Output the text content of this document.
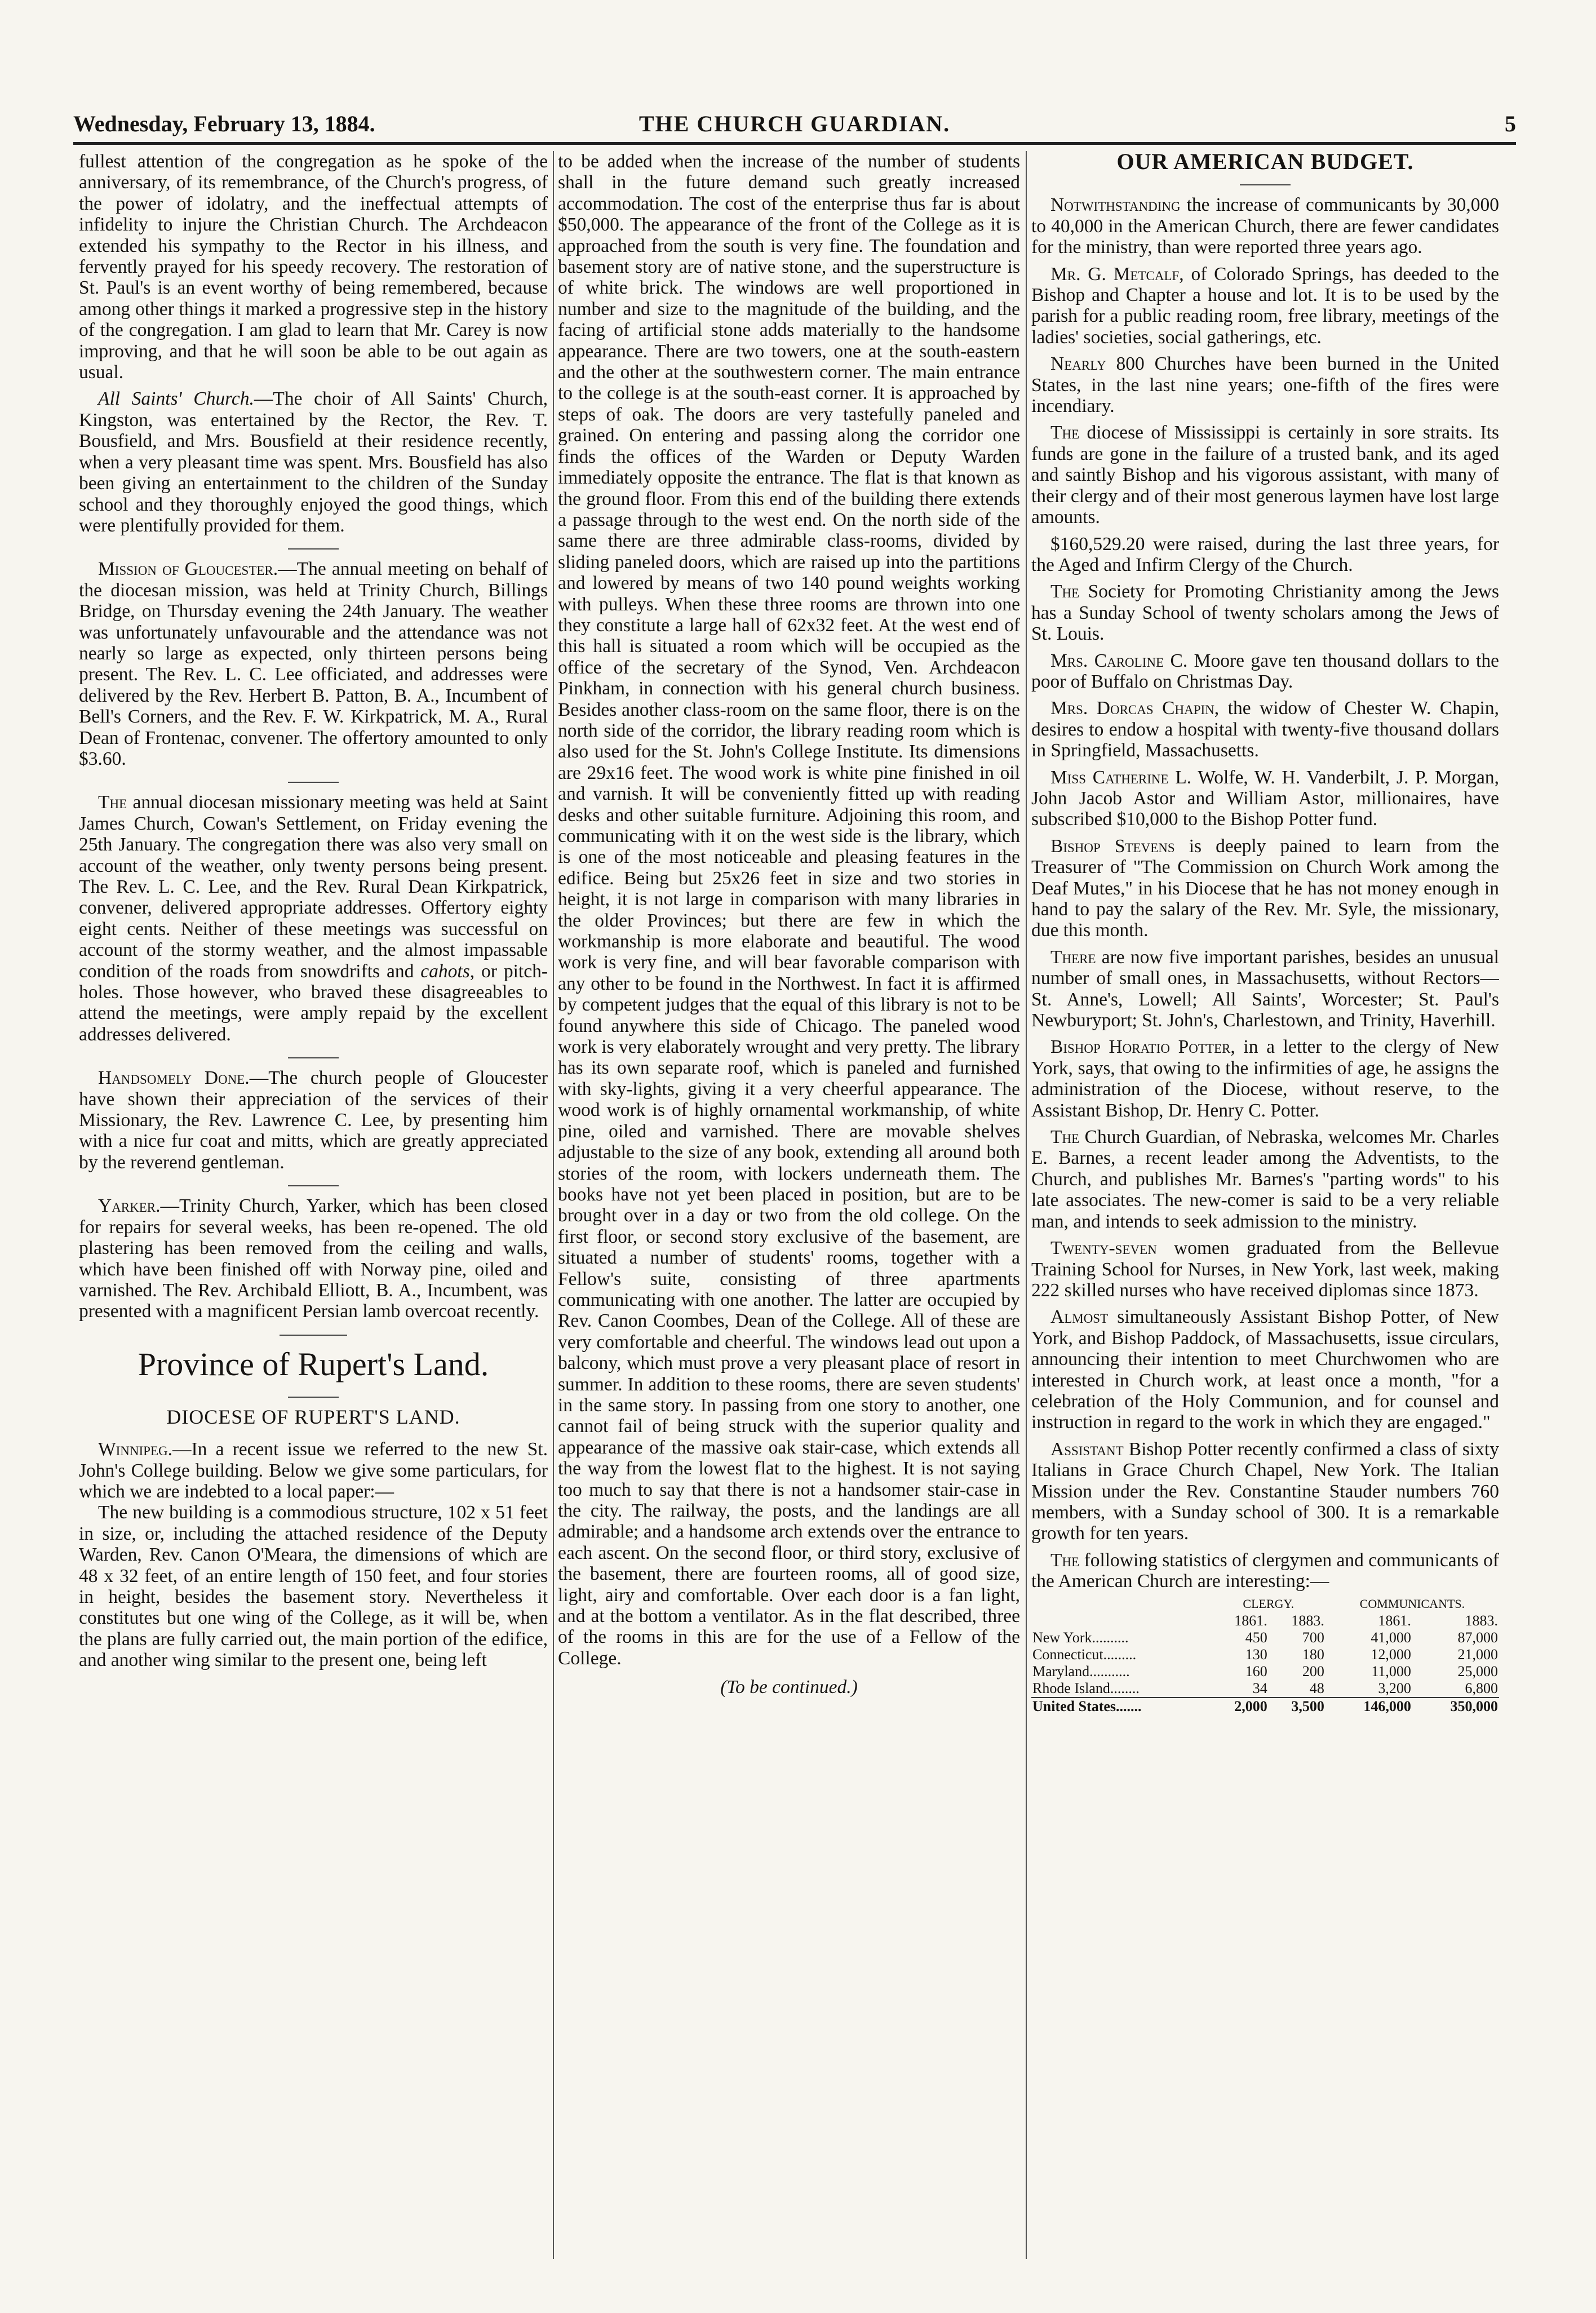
Wednesday, February 13, 1884.	THE CHURCH GUARDIAN.	5

fullest attention of the congregation as he spoke of the anniversary, of its remembrance, of the Church's progress, of the power of idolatry, and the ineffectual attempts of infidelity to injure the Christian Church. The Archdeacon extended his sympathy to the Rector in his illness, and fervently prayed for his speedy recovery. The restoration of St. Paul's is an event worthy of being remembered, because among other things it marked a progressive step in the history of the congregation. I am glad to learn that Mr. Carey is now improving, and that he will soon be able to be out again as usual.

All Saints' Church.—The choir of All Saints' Church, Kingston, was entertained by the Rector, the Rev. T. Bousfield, and Mrs. Bousfield at their residence recently, when a very pleasant time was spent. Mrs. Bousfield has also been giving an entertainment to the children of the Sunday school and they thoroughly enjoyed the good things, which were plentifully provided for them.

Mission of Gloucester.—The annual meeting on behalf of the diocesan mission, was held at Trinity Church, Billings Bridge, on Thursday evening the 24th January. The weather was unfortunately unfavourable and the attendance was not nearly so large as expected, only thirteen persons being present. The Rev. L. C. Lee officiated, and addresses were delivered by the Rev. Herbert B. Patton, B. A., Incumbent of Bell's Corners, and the Rev. F. W. Kirkpatrick, M. A., Rural Dean of Frontenac, convener. The offertory amounted to only $3.60.

The annual diocesan missionary meeting was held at Saint James Church, Cowan's Settlement, on Friday evening the 25th January. The congregation there was also very small on account of the weather, only twenty persons being present. The Rev. L. C. Lee, and the Rev. Rural Dean Kirkpatrick, convener, delivered appropriate addresses. Offertory eighty eight cents. Neither of these meetings was successful on account of the stormy weather, and the almost impassable condition of the roads from snowdrifts and cahots, or pitch-holes. Those however, who braved these disagreeables to attend the meetings, were amply repaid by the excellent addresses delivered.

Handsomely Done.—The church people of Gloucester have shown their appreciation of the services of their Missionary, the Rev. Lawrence C. Lee, by presenting him with a nice fur coat and mitts, which are greatly appreciated by the reverend gentleman.

Yarker.—Trinity Church, Yarker, which has been closed for repairs for several weeks, has been re-opened. The old plastering has been removed from the ceiling and walls, which have been finished off with Norway pine, oiled and varnished. The Rev. Archibald Elliott, B. A., Incumbent, was presented with a magnificent Persian lamb overcoat recently.

Province of Rupert's Land.

DIOCESE OF RUPERT'S LAND.

Winnipeg.—In a recent issue we referred to the new St. John's College building. Below we give some particulars, for which we are indebted to a local paper:—

The new building is a commodious structure, 102 x 51 feet in size, or, including the attached residence of the Deputy Warden, Rev. Canon O'Meara, the dimensions of which are 48 x 32 feet, of an entire length of 150 feet, and four stories in height, besides the basement story. Nevertheless it constitutes but one wing of the College, as it will be, when the plans are fully carried out, the main portion of the edifice, and another wing similar to the present one, being left

to be added when the increase of the number of students shall in the future demand such greatly increased accommodation. The cost of the enterprise thus far is about $50,000. The appearance of the front of the College as it is approached from the south is very fine. The foundation and basement story are of native stone, and the superstructure is of white brick. The windows are well proportioned in number and size to the magnitude of the building, and the facing of artificial stone adds materially to the handsome appearance. There are two towers, one at the south-eastern and the other at the southwestern corner. The main entrance to the college is at the south-east corner. It is approached by steps of oak. The doors are very tastefully paneled and grained. On entering and passing along the corridor one finds the offices of the Warden or Deputy Warden immediately opposite the entrance. The flat is that known as the ground floor. From this end of the building there extends a passage through to the west end. On the north side of the same there are three admirable class-rooms, divided by sliding paneled doors, which are raised up into the partitions and lowered by means of two 140 pound weights working with pulleys. When these three rooms are thrown into one they constitute a large hall of 62x32 feet. At the west end of this hall is situated a room which will be occupied as the office of the secretary of the Synod, Ven. Archdeacon Pinkham, in connection with his general church business. Besides another class-room on the same floor, there is on the north side of the corridor, the library reading room which is also used for the St. John's College Institute. Its dimensions are 29x16 feet. The wood work is white pine finished in oil and varnish. It will be conveniently fitted up with reading desks and other suitable furniture. Adjoining this room, and communicating with it on the west side is the library, which is one of the most noticeable and pleasing features in the edifice. Being but 25x26 feet in size and two stories in height, it is not large in comparison with many libraries in the older Provinces; but there are few in which the workmanship is more elaborate and beautiful. The wood work is very fine, and will bear favorable comparison with any other to be found in the Northwest. In fact it is affirmed by competent judges that the equal of this library is not to be found anywhere this side of Chicago. The paneled wood work is very elaborately wrought and very pretty. The library has its own separate roof, which is paneled and furnished with sky-lights, giving it a very cheerful appearance. The wood work is of highly ornamental workmanship, of white pine, oiled and varnished. There are movable shelves adjustable to the size of any book, extending all around both stories of the room, with lockers underneath them. The books have not yet been placed in position, but are to be brought over in a day or two from the old college. On the first floor, or second story exclusive of the basement, are situated a number of students' rooms, together with a Fellow's suite, consisting of three apartments communicating with one another. The latter are occupied by Rev. Canon Coombes, Dean of the College. All of these are very comfortable and cheerful. The windows lead out upon a balcony, which must prove a very pleasant place of resort in summer. In addition to these rooms, there are seven students' in the same story. In passing from one story to another, one cannot fail of being struck with the superior quality and appearance of the massive oak stair-case, which extends all the way from the lowest flat to the highest. It is not saying too much to say that there is not a handsomer stair-case in the city. The railway, the posts, and the landings are all admirable; and a handsome arch extends over the entrance to each ascent. On the second floor, or third story, exclusive of the basement, there are fourteen rooms, all of good size, light, airy and comfortable. Over each door is a fan light, and at the bottom a ventilator. As in the flat described, three of the rooms in this are for the use of a Fellow of the College.

(To be continued.)

OUR AMERICAN BUDGET.

Notwithstanding the increase of communicants by 30,000 to 40,000 in the American Church, there are fewer candidates for the ministry, than were reported three years ago.

Mr. G. Metcalf, of Colorado Springs, has deeded to the Bishop and Chapter a house and lot. It is to be used by the parish for a public reading room, free library, meetings of the ladies' societies, social gatherings, etc.

Nearly 800 Churches have been burned in the United States, in the last nine years; one-fifth of the fires were incendiary.

The diocese of Mississippi is certainly in sore straits. Its funds are gone in the failure of a trusted bank, and its aged and saintly Bishop and his vigorous assistant, with many of their clergy and of their most generous laymen have lost large amounts.

$160,529.20 were raised, during the last three years, for the Aged and Infirm Clergy of the Church.

The Society for Promoting Christianity among the Jews has a Sunday School of twenty scholars among the Jews of St. Louis.

Mrs. Caroline C. Moore gave ten thousand dollars to the poor of Buffalo on Christmas Day.

Mrs. Dorcas Chapin, the widow of Chester W. Chapin, desires to endow a hospital with twenty-five thousand dollars in Springfield, Massachusetts.

Miss Catherine L. Wolfe, W. H. Vanderbilt, J. P. Morgan, John Jacob Astor and William Astor, millionaires, have subscribed $10,000 to the Bishop Potter fund.

Bishop Stevens is deeply pained to learn from the Treasurer of "The Commission on Church Work among the Deaf Mutes," in his Diocese that he has not money enough in hand to pay the salary of the Rev. Mr. Syle, the missionary, due this month.

There are now five important parishes, besides an unusual number of small ones, in Massachusetts, without Rectors—St. Anne's, Lowell; All Saints', Worcester; St. Paul's Newburyport; St. John's, Charlestown, and Trinity, Haverhill.

Bishop Horatio Potter, in a letter to the clergy of New York, says, that owing to the infirmities of age, he assigns the administration of the Diocese, without reserve, to the Assistant Bishop, Dr. Henry C. Potter.

The Church Guardian, of Nebraska, welcomes Mr. Charles E. Barnes, a recent leader among the Adventists, to the Church, and publishes Mr. Barnes's "parting words" to his late associates. The new-comer is said to be a very reliable man, and intends to seek admission to the ministry.

Twenty-seven women graduated from the Bellevue Training School for Nurses, in New York, last week, making 222 skilled nurses who have received diplomas since 1873.

Almost simultaneously Assistant Bishop Potter, of New York, and Bishop Paddock, of Massachusetts, issue circulars, announcing their intention to meet Churchwomen who are interested in Church work, at least once a month, "for a celebration of the Holy Communion, and for counsel and instruction in regard to the work in which they are engaged."

Assistant Bishop Potter recently confirmed a class of sixty Italians in Grace Church Chapel, New York. The Italian Mission under the Rev. Constantine Stauder numbers 760 members, with a Sunday school of 300. It is a remarkable growth for ten years.

The following statistics of clergymen and communicants of the American Church are interesting:—

	CLERGY.		COMMUNICANTS.	
	1861.	1883.	1861.	1883.
New York..........	450	700	41,000	87,000
Connecticut.........	130	180	12,000	21,000
Maryland...........	160	200	11,000	25,000
Rhode Island........	34	48	3,200	6,800
United States.......	2,000	3,500	146,000	350,000
